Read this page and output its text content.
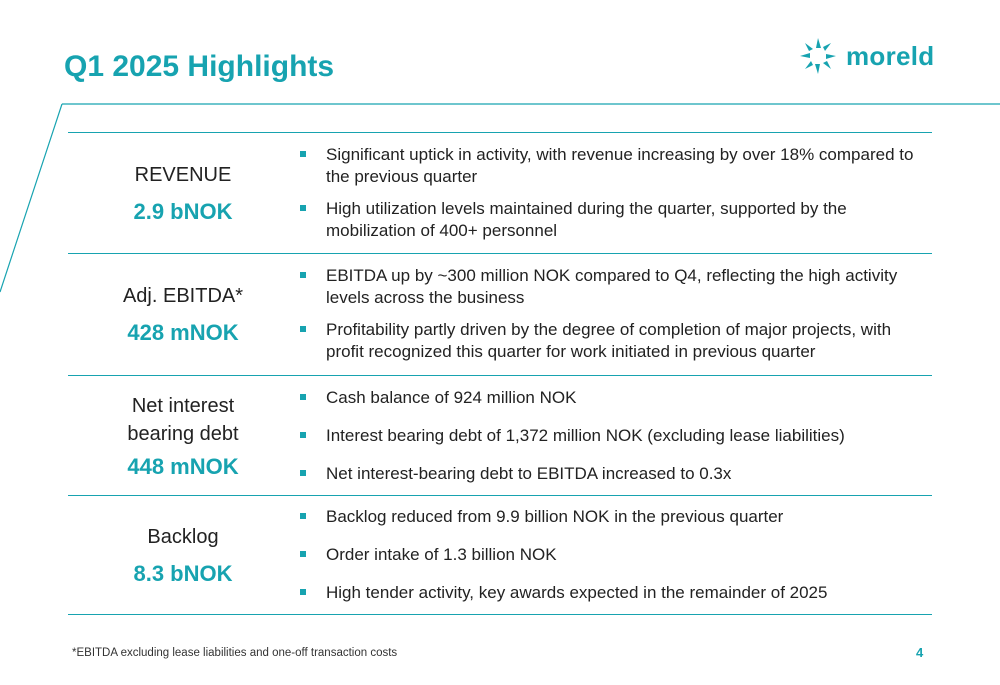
Q1 2025 Highlights	moreld
REVENUE
2.9 bNOK
Significant uptick in activity, with revenue increasing by over 18% compared to the previous quarter
High utilization levels maintained during the quarter, supported by the mobilization of 400+ personnel
Adj. EBITDA*
428 mNOK
EBITDA up by ~300 million NOK compared to Q4, reflecting the high activity levels across the business
Profitability partly driven by the degree of completion of major projects, with profit recognized this quarter for work initiated in previous quarter
Net interest bearing debt
448 mNOK
Cash balance of 924 million NOK
Interest bearing debt of 1,372 million NOK (excluding lease liabilities)
Net interest-bearing debt to EBITDA increased to 0.3x
Backlog
8.3 bNOK
Backlog reduced from 9.9 billion NOK in the previous quarter
Order intake of 1.3 billion NOK
High tender activity, key awards expected in the remainder of 2025
*EBITDA excluding lease liabilities and one-off transaction costs	4
